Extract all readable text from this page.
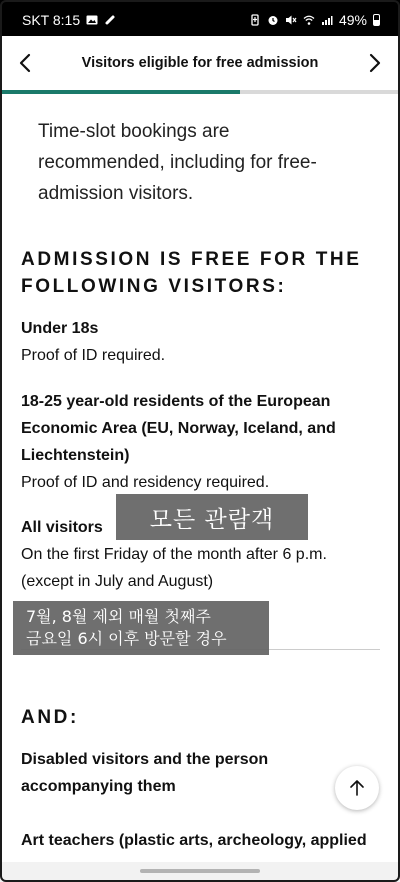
SKT 8:15	49%
Visitors eligible for free admission
Time-slot bookings are recommended, including for free-admission visitors.
ADMISSION IS FREE FOR THE FOLLOWING VISITORS:
Under 18s
Proof of ID required.
18-25 year-old residents of the European Economic Area (EU, Norway, Iceland, and Liechtenstein)
Proof of ID and residency required.
All visitors
On the first Friday of the month after 6 p.m. (except in July and August)
AND:
Disabled visitors and the person accompanying them
Art teachers (plastic arts, archeology, applied
모든 관람객
7월, 8월 제외 매월 첫째주
금요일 6시 이후 방문할 경우
